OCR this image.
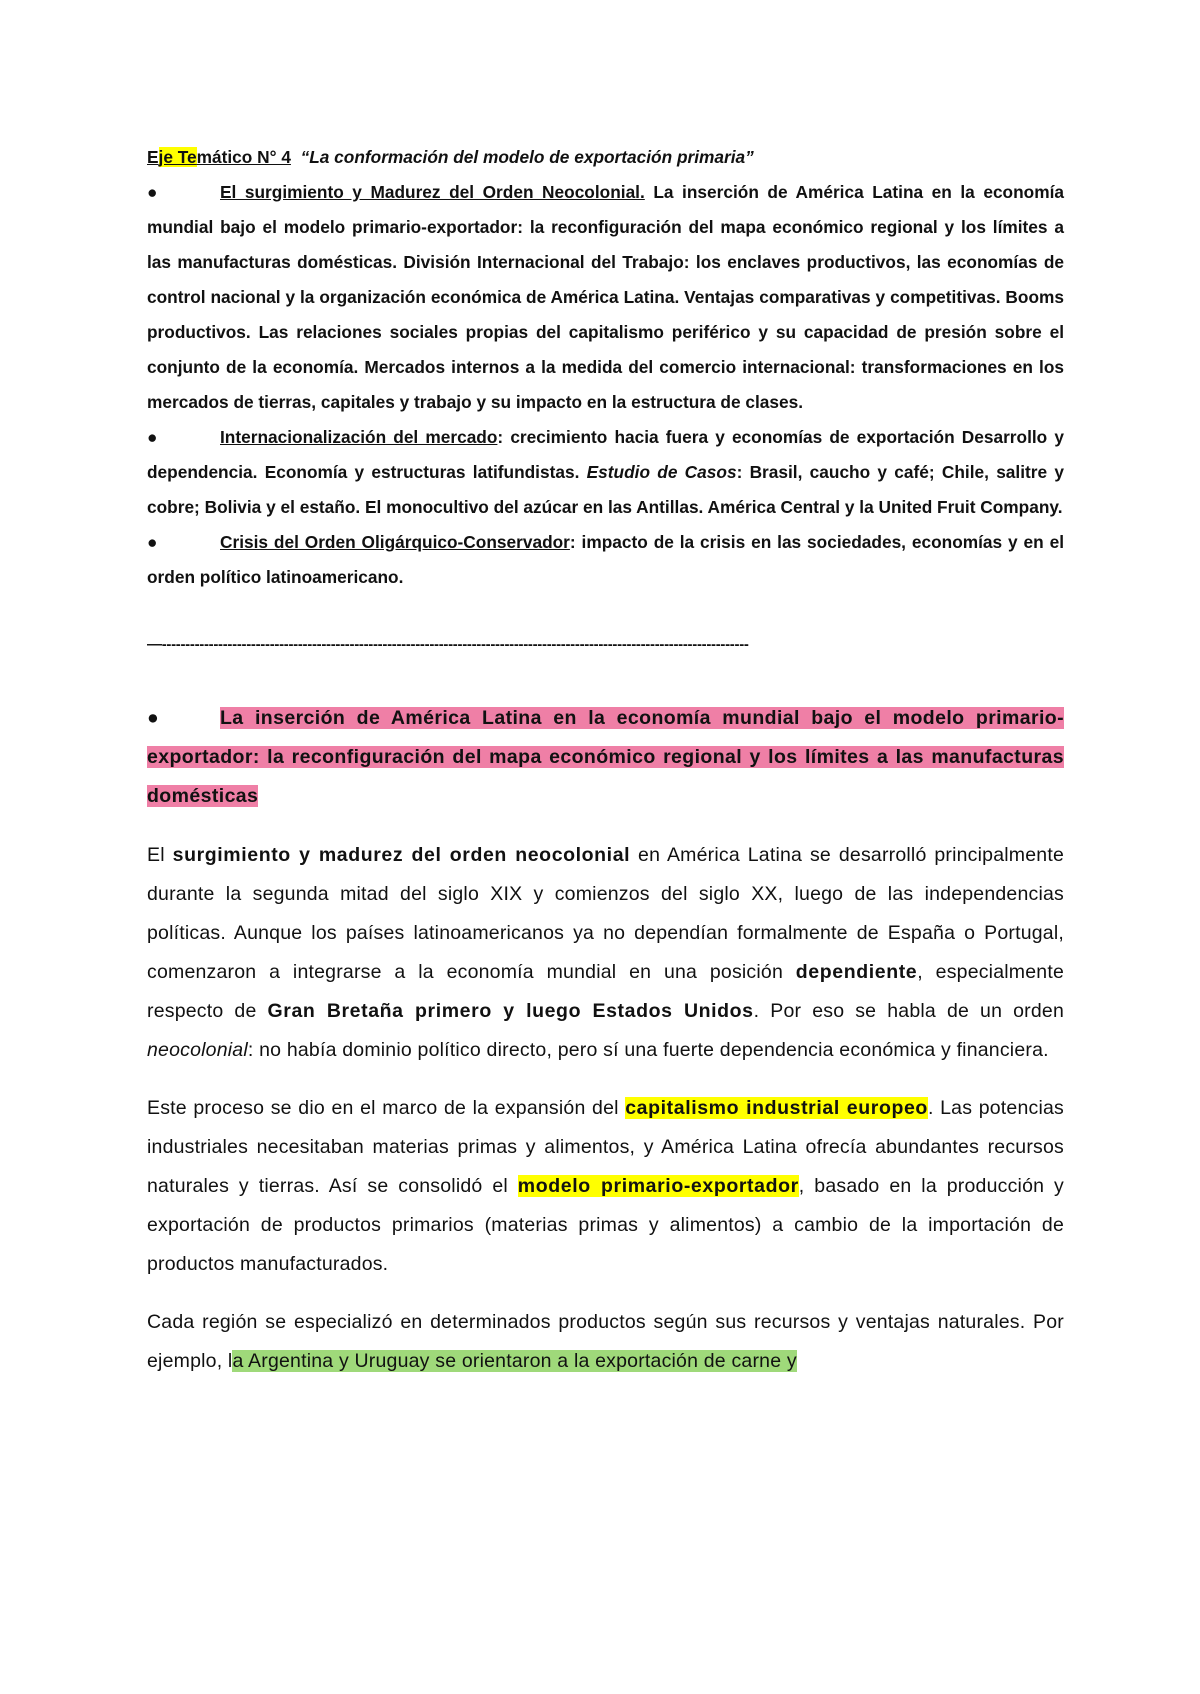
Eje Temático N° 4 “La conformación del modelo de exportación primaria”

●	El surgimiento y Madurez del Orden Neocolonial. La inserción de América Latina en la economía mundial bajo el modelo primario-exportador: la reconfiguración del mapa económico regional y los límites a las manufacturas domésticas. División Internacional del Trabajo: los enclaves productivos, las economías de control nacional y la organización económica de América Latina. Ventajas comparativas y competitivas. Booms productivos. Las relaciones sociales propias del capitalismo periférico y su capacidad de presión sobre el conjunto de la economía. Mercados internos a la medida del comercio internacional: transformaciones en los mercados de tierras, capitales y trabajo y su impacto en la estructura de clases.

●	Internacionalización del mercado: crecimiento hacia fuera y economías de exportación Desarrollo y dependencia. Economía y estructuras latifundistas. Estudio de Casos: Brasil, caucho y café; Chile, salitre y cobre; Bolivia y el estaño. El monocultivo del azúcar en las Antillas. América Central y la United Fruit Company.

●	Crisis del Orden Oligárquico-Conservador: impacto de la crisis en las sociedades, economías y en el orden político latinoamericano.

—-----------------------------------------------------------------------------------------------------------------------------
●	La inserción de América Latina en la economía mundial bajo el modelo primario-exportador: la reconfiguración del mapa económico regional y los límites a las manufacturas domésticas

El surgimiento y madurez del orden neocolonial en América Latina se desarrolló principalmente durante la segunda mitad del siglo XIX y comienzos del siglo XX, luego de las independencias políticas. Aunque los países latinoamericanos ya no dependían formalmente de España o Portugal, comenzaron a integrarse a la economía mundial en una posición dependiente, especialmente respecto de Gran Bretaña primero y luego Estados Unidos. Por eso se habla de un orden neocolonial: no había dominio político directo, pero sí una fuerte dependencia económica y financiera.

Este proceso se dio en el marco de la expansión del capitalismo industrial europeo. Las potencias industriales necesitaban materias primas y alimentos, y América Latina ofrecía abundantes recursos naturales y tierras. Así se consolidó el modelo primario-exportador, basado en la producción y exportación de productos primarios (materias primas y alimentos) a cambio de la importación de productos manufacturados.

Cada región se especializó en determinados productos según sus recursos y ventajas naturales. Por ejemplo, la Argentina y Uruguay se orientaron a la exportación de carne y
